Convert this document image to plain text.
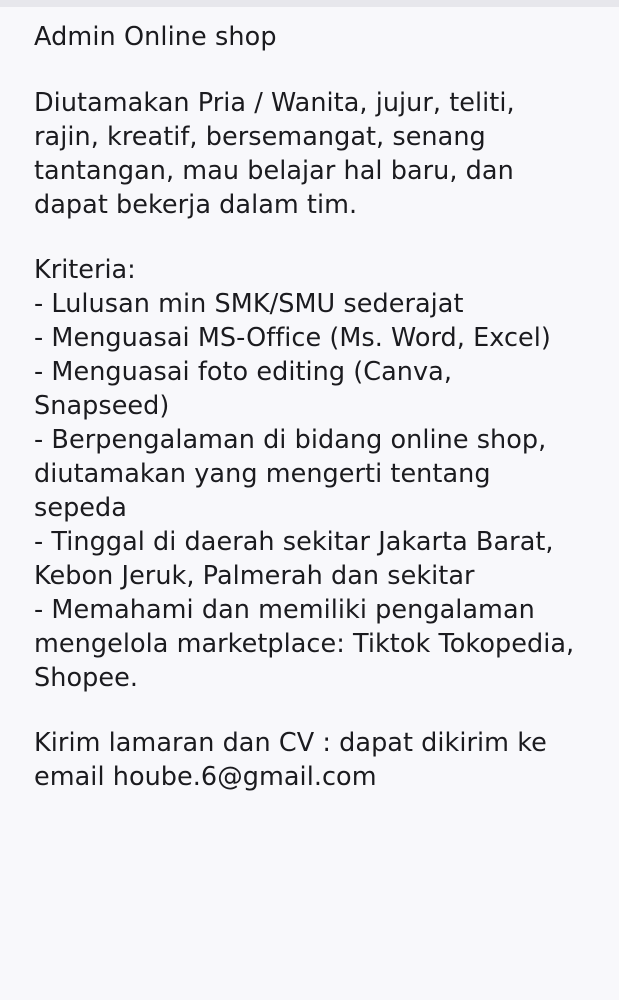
Admin Online shop

Diutamakan Pria / Wanita, jujur, teliti, rajin, kreatif, bersemangat, senang tantangan, mau belajar hal baru, dan dapat bekerja dalam tim.

Kriteria:

- Lulusan min SMK/SMU sederajat
- Menguasai MS-Office (Ms. Word, Excel)
- Menguasai foto editing (Canva, Snapseed)
- Berpengalaman di bidang online shop, diutamakan yang mengerti tentang sepeda
- Tinggal di daerah sekitar Jakarta Barat, Kebon Jeruk, Palmerah dan sekitar
- Memahami dan memiliki pengalaman mengelola marketplace: Tiktok Tokopedia, Shopee.

Kirim lamaran dan CV : dapat dikirim ke email hoube.6@gmail.com
